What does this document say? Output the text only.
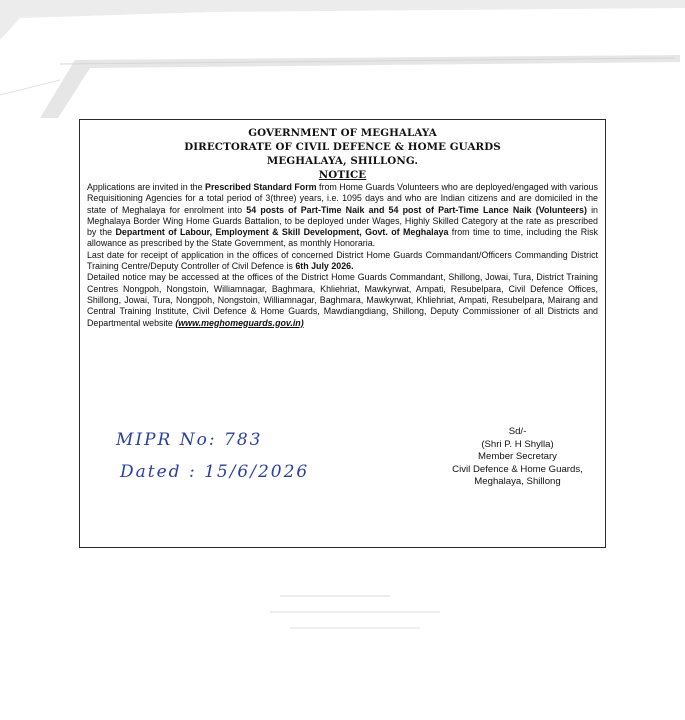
GOVERNMENT OF MEGHALAYA
DIRECTORATE OF CIVIL DEFENCE & HOME GUARDS
MEGHALAYA, SHILLONG.
NOTICE

Applications are invited in the Prescribed Standard Form from Home Guards Volunteers who are deployed/engaged with various Requisitioning Agencies for a total period of 3(three) years, i.e. 1095 days and who are Indian citizens and are domiciled in the state of Meghalaya for enrolment into 54 posts of Part-Time Naik and 54 post of Part-Time Lance Naik (Volunteers) in Meghalaya Border Wing Home Guards Battalion, to be deployed under Wages, Highly Skilled Category at the rate as prescribed by the Department of Labour, Employment & Skill Development, Govt. of Meghalaya from time to time, including the Risk allowance as prescribed by the State Government, as monthly Honoraria.

Last date for receipt of application in the offices of concerned District Home Guards Commandant/Officers Commanding District Training Centre/Deputy Controller of Civil Defence is 6th July 2026.

Detailed notice may be accessed at the offices of the District Home Guards Commandant, Shillong, Jowai, Tura, District Training Centres Nongpoh, Nongstoin, Williamnagar, Baghmara, Khliehriat, Mawkyrwat, Ampati, Resubelpara, Civil Defence Offices, Shillong, Jowai, Tura, Nongpoh, Nongstoin, Williamnagar, Baghmara, Mawkyrwat, Khliehriat, Ampati, Resubelpara, Mairang and Central Training Institute, Civil Defence & Home Guards, Mawdiangdiang, Shillong, Deputy Commissioner of all Districts and Departmental website (www.meghomeguards.gov.in)

MIPR No: 783
Dated : 15/6/2026
Sd/-
(Shri P. H Shylla)
Member Secretary
Civil Defence & Home Guards,
Meghalaya, Shillong
